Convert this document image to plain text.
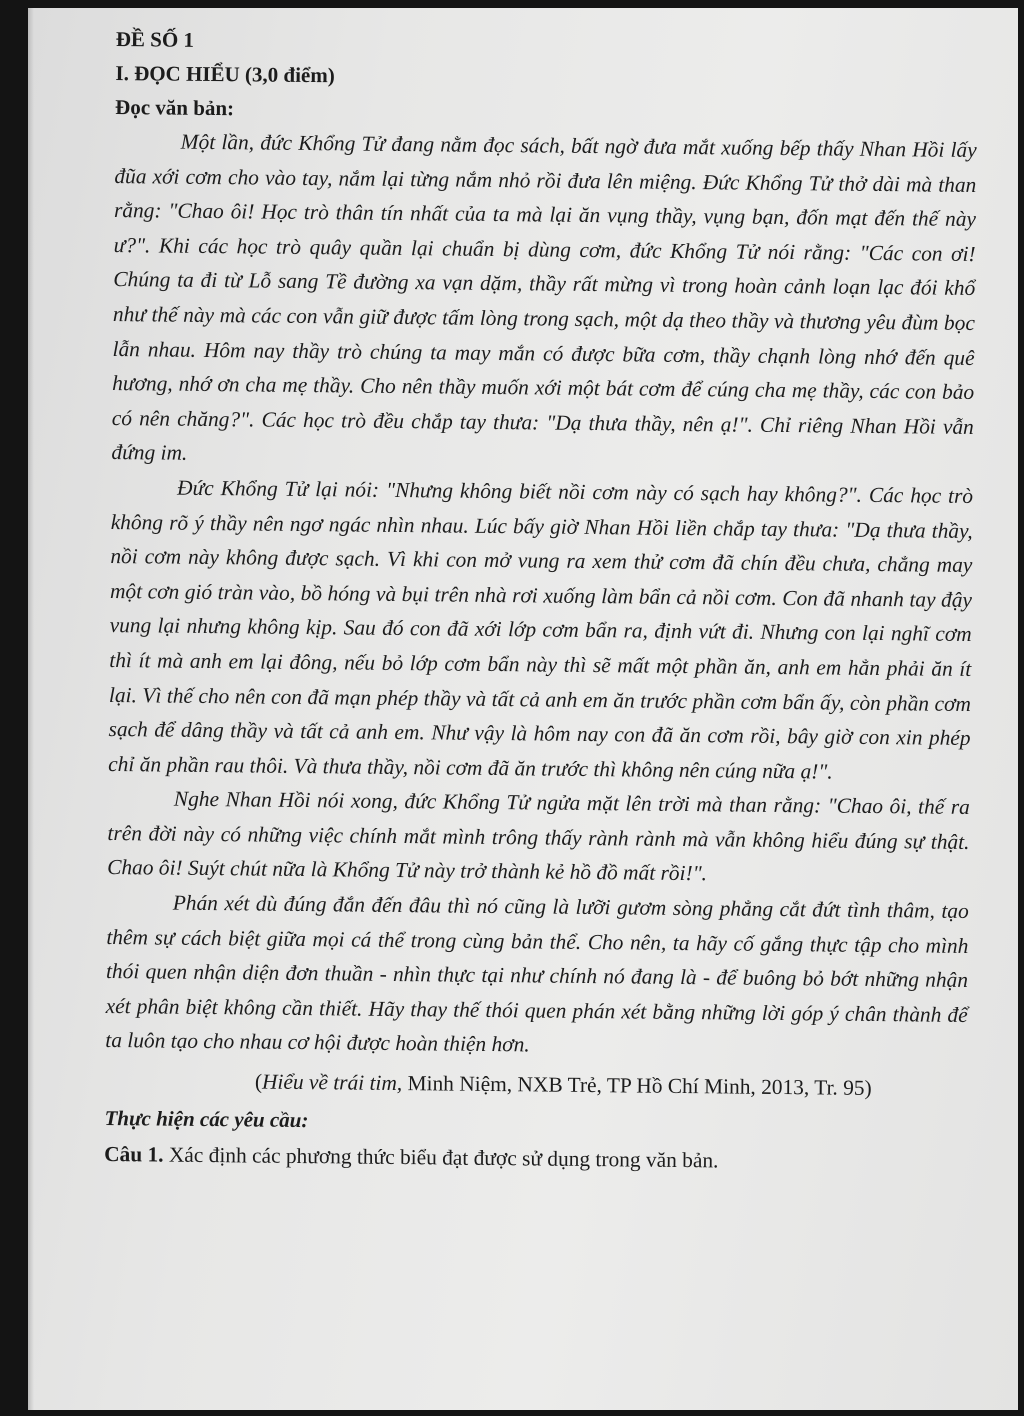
ĐỀ SỐ 1

I. ĐỌC HIỂU (3,0 điểm)

Đọc văn bản:

Một lần, đức Khổng Tử đang nằm đọc sách, bất ngờ đưa mắt xuống bếp thấy Nhan Hồi lấy đũa xới cơm cho vào tay, nắm lại từng nắm nhỏ rồi đưa lên miệng. Đức Khổng Tử thở dài mà than rằng: "Chao ôi! Học trò thân tín nhất của ta mà lại ăn vụng thầy, vụng bạn, đốn mạt đến thế này ư?". Khi các học trò quây quần lại chuẩn bị dùng cơm, đức Khổng Tử nói rằng: "Các con ơi! Chúng ta đi từ Lỗ sang Tề đường xa vạn dặm, thầy rất mừng vì trong hoàn cảnh loạn lạc đói khổ như thế này mà các con vẫn giữ được tấm lòng trong sạch, một dạ theo thầy và thương yêu đùm bọc lẫn nhau. Hôm nay thầy trò chúng ta may mắn có được bữa cơm, thầy chạnh lòng nhớ đến quê hương, nhớ ơn cha mẹ thầy. Cho nên thầy muốn xới một bát cơm để cúng cha mẹ thầy, các con bảo có nên chăng?". Các học trò đều chắp tay thưa: "Dạ thưa thầy, nên ạ!". Chỉ riêng Nhan Hồi vẫn đứng im.

Đức Khổng Tử lại nói: "Nhưng không biết nồi cơm này có sạch hay không?". Các học trò không rõ ý thầy nên ngơ ngác nhìn nhau. Lúc bấy giờ Nhan Hồi liền chắp tay thưa: "Dạ thưa thầy, nồi cơm này không được sạch. Vì khi con mở vung ra xem thử cơm đã chín đều chưa, chẳng may một cơn gió tràn vào, bồ hóng và bụi trên nhà rơi xuống làm bẩn cả nồi cơm. Con đã nhanh tay đậy vung lại nhưng không kịp. Sau đó con đã xới lớp cơm bẩn ra, định vứt đi. Nhưng con lại nghĩ cơm thì ít mà anh em lại đông, nếu bỏ lớp cơm bẩn này thì sẽ mất một phần ăn, anh em hẳn phải ăn ít lại. Vì thế cho nên con đã mạn phép thầy và tất cả anh em ăn trước phần cơm bẩn ấy, còn phần cơm sạch để dâng thầy và tất cả anh em. Như vậy là hôm nay con đã ăn cơm rồi, bây giờ con xin phép chỉ ăn phần rau thôi. Và thưa thầy, nồi cơm đã ăn trước thì không nên cúng nữa ạ!".

Nghe Nhan Hồi nói xong, đức Khổng Tử ngửa mặt lên trời mà than rằng: "Chao ôi, thế ra trên đời này có những việc chính mắt mình trông thấy rành rành mà vẫn không hiểu đúng sự thật. Chao ôi! Suýt chút nữa là Khổng Tử này trở thành kẻ hồ đồ mất rồi!".

Phán xét dù đúng đắn đến đâu thì nó cũng là lưỡi gươm sòng phẳng cắt đứt tình thâm, tạo thêm sự cách biệt giữa mọi cá thể trong cùng bản thể. Cho nên, ta hãy cố gắng thực tập cho mình thói quen nhận diện đơn thuần - nhìn thực tại như chính nó đang là - để buông bỏ bớt những nhận xét phân biệt không cần thiết. Hãy thay thế thói quen phán xét bằng những lời góp ý chân thành để ta luôn tạo cho nhau cơ hội được hoàn thiện hơn.

(Hiểu về trái tim, Minh Niệm, NXB Trẻ, TP Hồ Chí Minh, 2013, Tr. 95)

Thực hiện các yêu cầu:

Câu 1. Xác định các phương thức biểu đạt được sử dụng trong văn bản.
